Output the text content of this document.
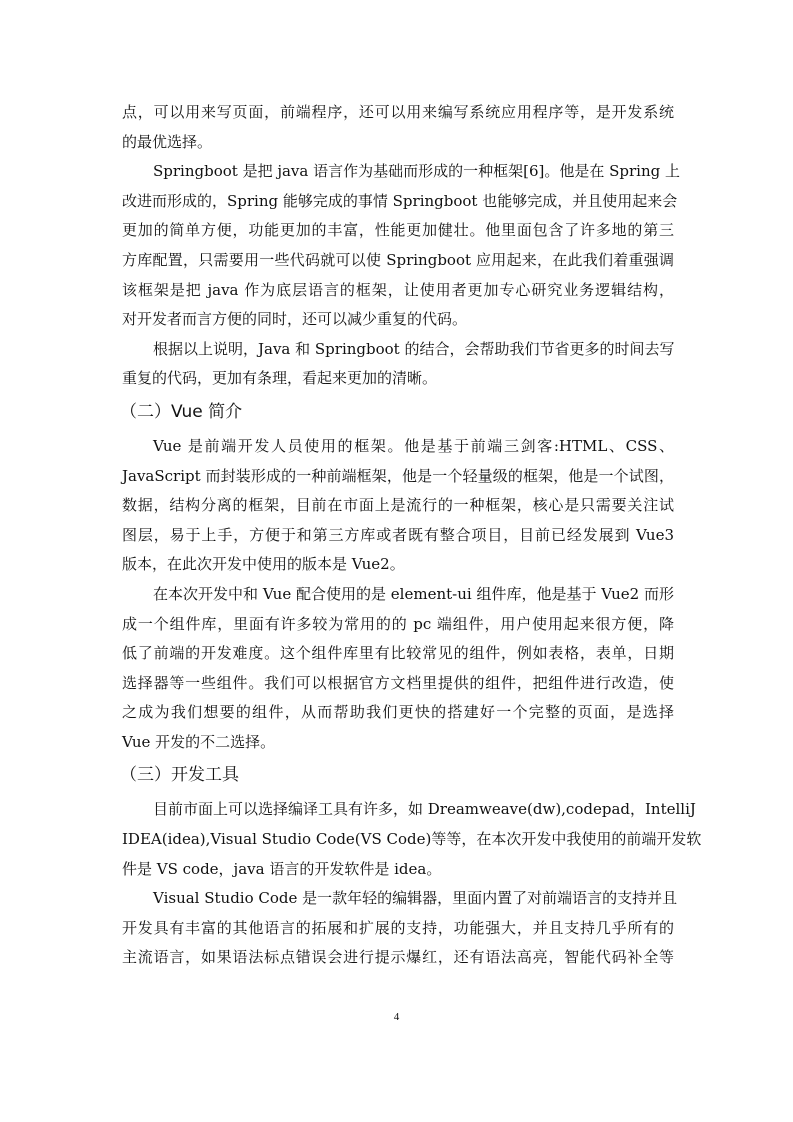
点，可以用来写页面，前端程序，还可以用来编写系统应用程序等，是开发系统
的最优选择。

Springboot 是把 java 语言作为基础而形成的一种框架[6]。他是在 Spring 上
改进而形成的，Spring 能够完成的事情 Springboot 也能够完成，并且使用起来会
更加的简单方便，功能更加的丰富，性能更加健壮。他里面包含了许多地的第三
方库配置，只需要用一些代码就可以使 Springboot 应用起来，在此我们着重强调
该框架是把 java 作为底层语言的框架，让使用者更加专心研究业务逻辑结构，
对开发者而言方便的同时，还可以减少重复的代码。

根据以上说明，Java 和 Springboot 的结合，会帮助我们节省更多的时间去写
重复的代码，更加有条理，看起来更加的清晰。

（二）Vue 简介

Vue 是前端开发人员使用的框架。他是基于前端三剑客:HTML、CSS、
JavaScript 而封装形成的一种前端框架，他是一个轻量级的框架，他是一个试图，
数据，结构分离的框架，目前在市面上是流行的一种框架，核心是只需要关注试
图层，易于上手，方便于和第三方库或者既有整合项目，目前已经发展到 Vue3
版本，在此次开发中使用的版本是 Vue2。

在本次开发中和 Vue 配合使用的是 element-ui 组件库，他是基于 Vue2 而形
成一个组件库，里面有许多较为常用的的 pc 端组件，用户使用起来很方便，降
低了前端的开发难度。这个组件库里有比较常见的组件，例如表格，表单，日期
选择器等一些组件。我们可以根据官方文档里提供的组件，把组件进行改造，使
之成为我们想要的组件，从而帮助我们更快的搭建好一个完整的页面，是选择
Vue 开发的不二选择。

（三）开发工具

目前市面上可以选择编译工具有许多，如 Dreamweave(dw),codepad，IntelliJ
IDEA(idea),Visual Studio Code(VS Code)等等，在本次开发中我使用的前端开发软
件是 VS code，java 语言的开发软件是 idea。

Visual Studio Code 是一款年轻的编辑器，里面内置了对前端语言的支持并且
开发具有丰富的其他语言的拓展和扩展的支持，功能强大，并且支持几乎所有的
主流语言，如果语法标点错误会进行提示爆红，还有语法高亮，智能代码补全等

4
